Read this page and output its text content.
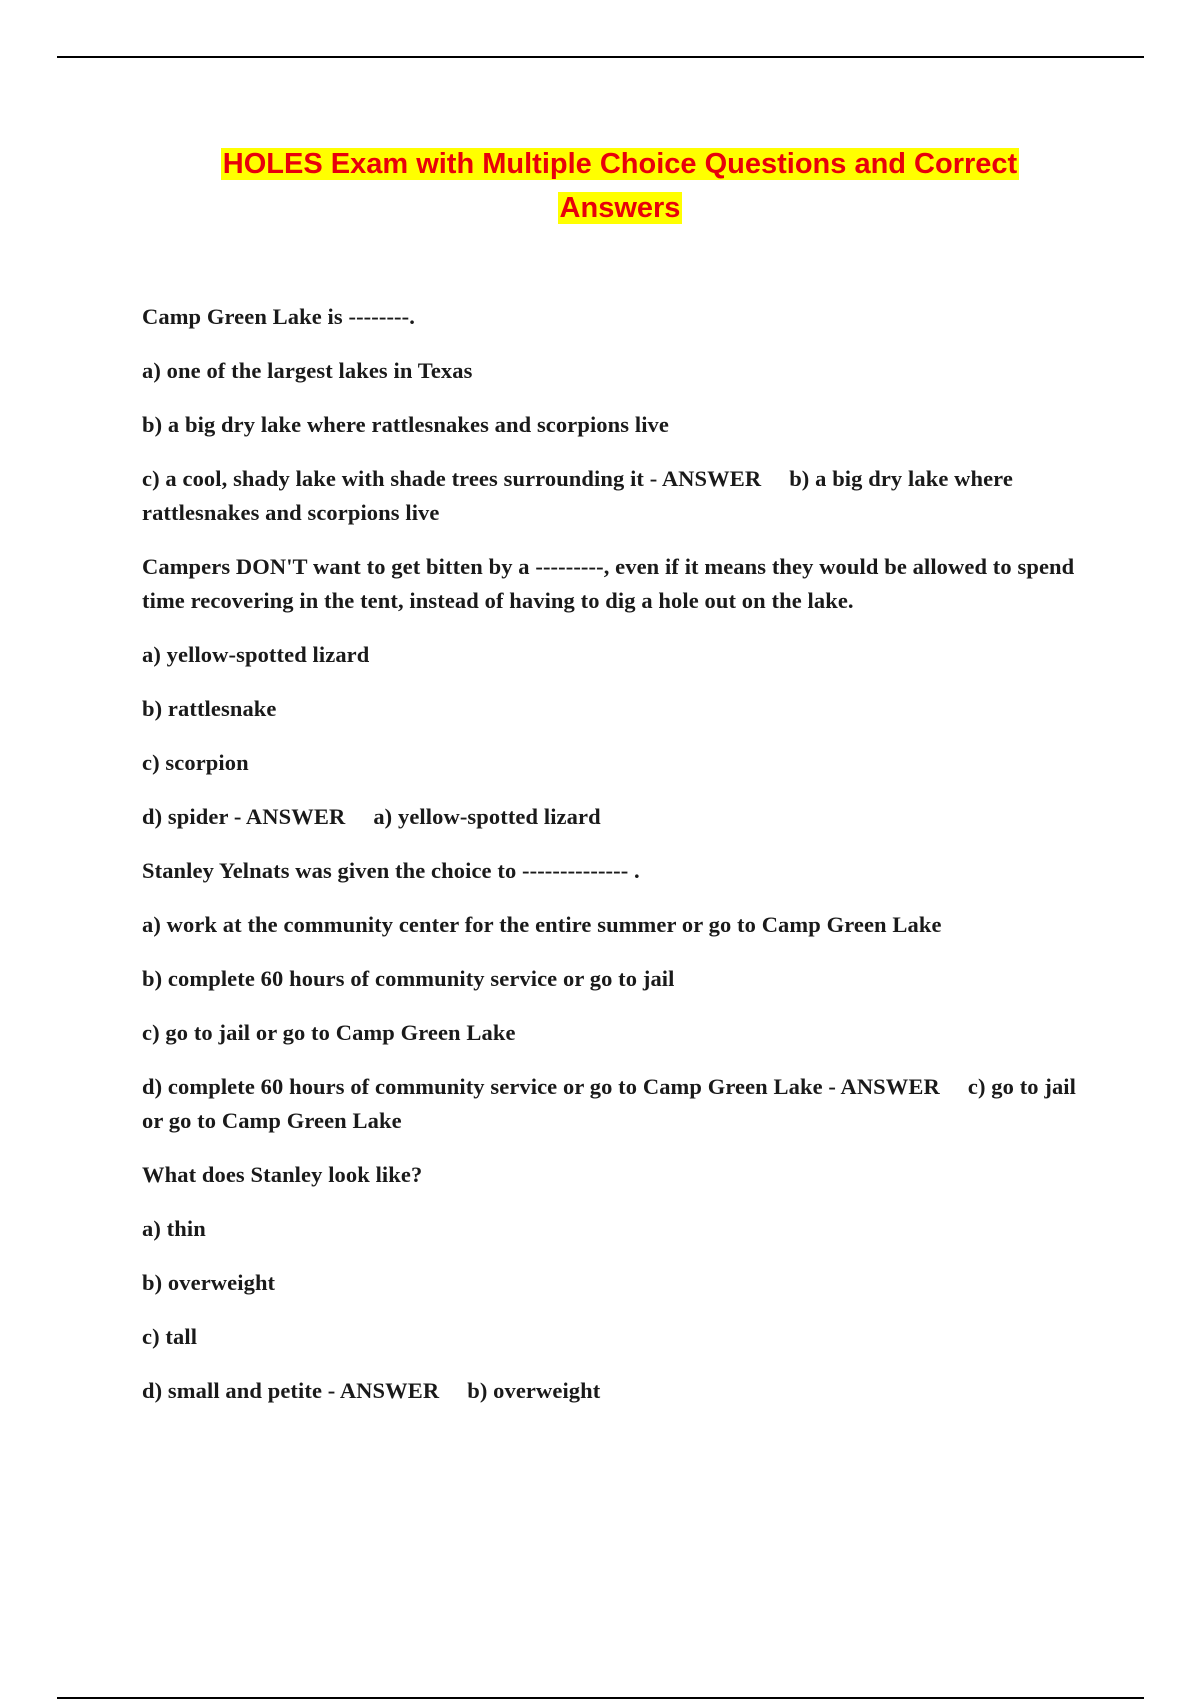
HOLES Exam with Multiple Choice Questions and Correct
Answers

Camp Green Lake is --------.

a) one of the largest lakes in Texas

b) a big dry lake where rattlesnakes and scorpions live

c) a cool, shady lake with shade trees surrounding it - ANSWER b) a big dry lake where rattlesnakes and scorpions live

Campers DON'T want to get bitten by a ---------, even if it means they would be allowed to spend time recovering in the tent, instead of having to dig a hole out on the lake.

a) yellow-spotted lizard

b) rattlesnake

c) scorpion

d) spider - ANSWER a) yellow-spotted lizard

Stanley Yelnats was given the choice to -------------- .

a) work at the community center for the entire summer or go to Camp Green Lake

b) complete 60 hours of community service or go to jail

c) go to jail or go to Camp Green Lake

d) complete 60 hours of community service or go to Camp Green Lake - ANSWER c) go to jail or go to Camp Green Lake

What does Stanley look like?

a) thin

b) overweight

c) tall

d) small and petite - ANSWER b) overweight
